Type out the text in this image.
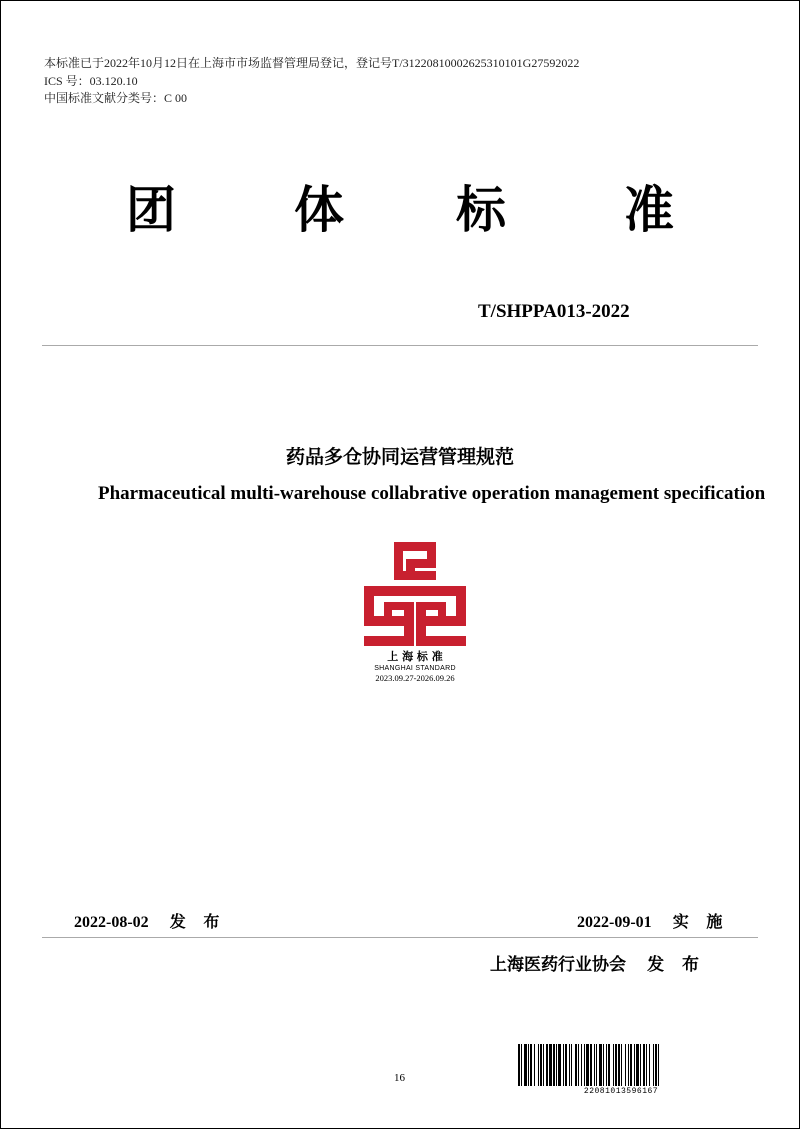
本标准已于2022年10月12日在上海市市场监督管理局登记，登记号T/31220810002625310101G27592022
ICS 号：03.120.10
中国标准文献分类号：C 00
团 体 标 准
T/SHPPA013-2022
药品多仓协同运营管理规范
Pharmaceutical multi-warehouse collabrative operation management specification
上 海 标 准
SHANGHAI STANDARD
2023.09.27-2026.09.26
2022-08-02 发 布	2022-09-01 实 施
上海医药行业协会 发 布
16
22081013596167
